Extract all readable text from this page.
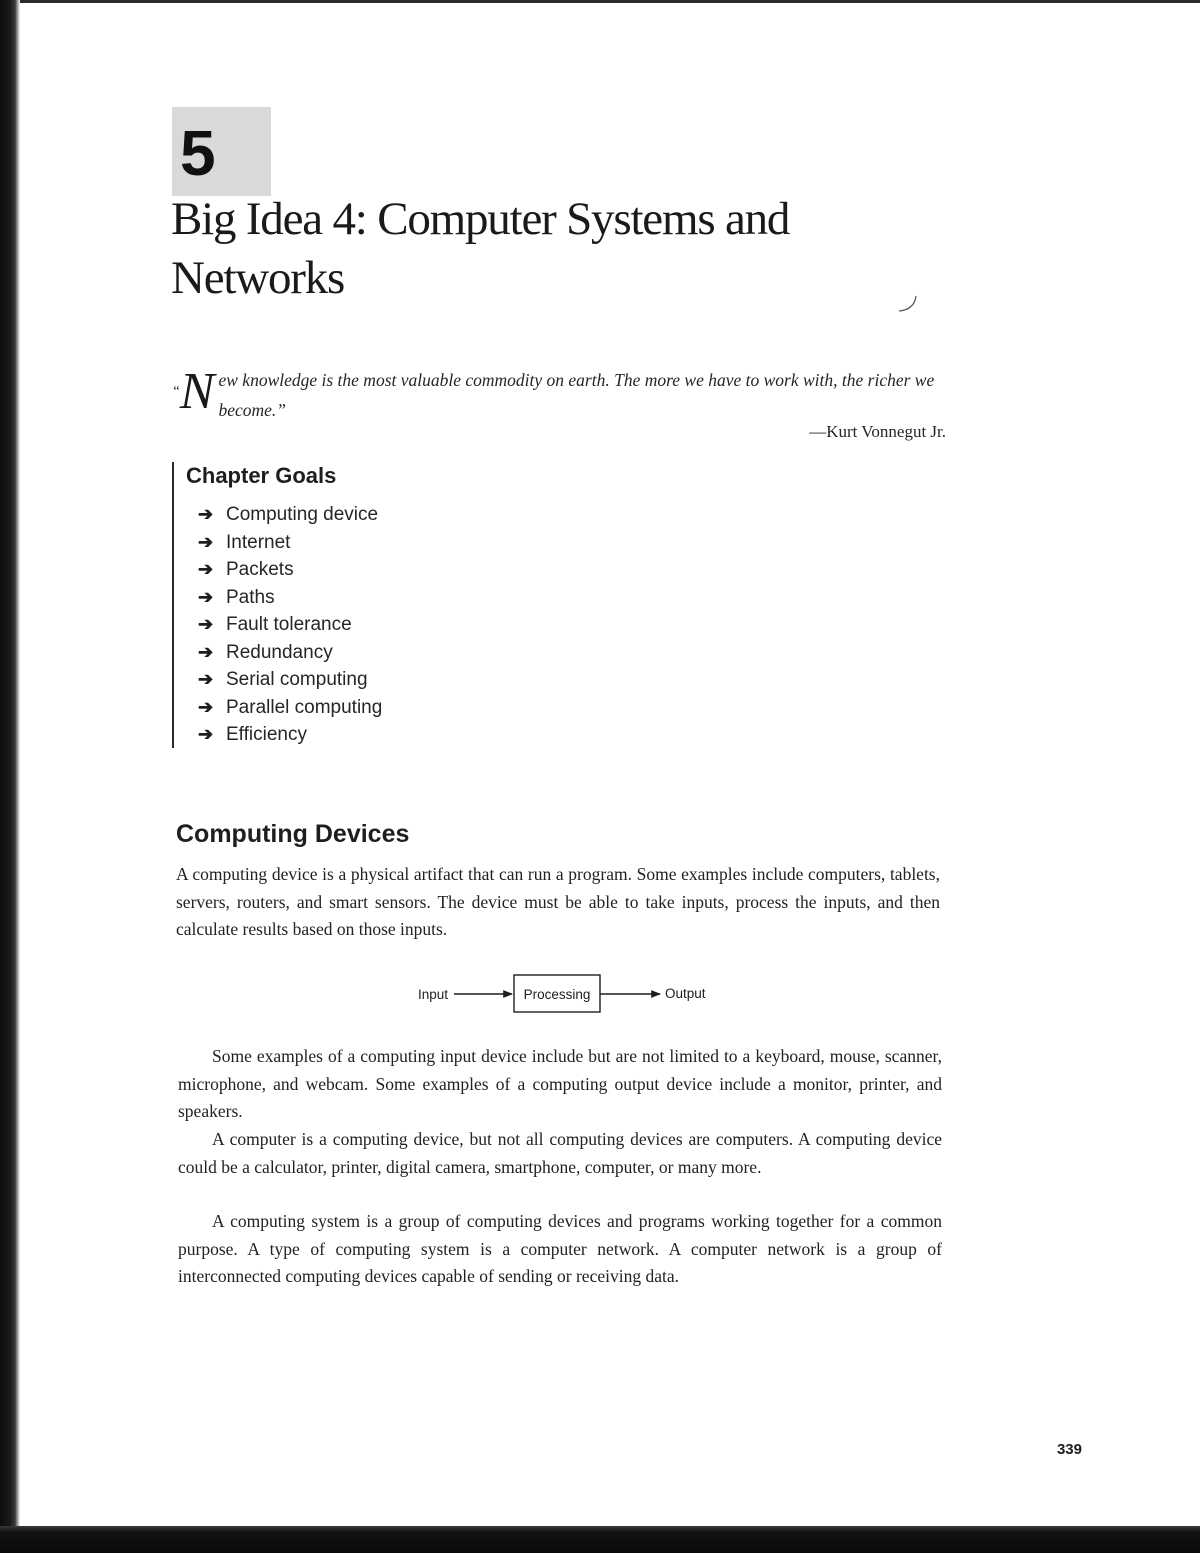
5
Big Idea 4: Computer Systems and Networks
“N ew knowledge is the most valuable commodity on earth. The more we have to work with, the richer we become.”
—Kurt Vonnegut Jr.
Chapter Goals
➔ Computing device
➔ Internet
➔ Packets
➔ Paths
➔ Fault tolerance
➔ Redundancy
➔ Serial computing
➔ Parallel computing
➔ Efficiency
Computing Devices

A computing device is a physical artifact that can run a program. Some examples include computers, tablets, servers, routers, and smart sensors. The device must be able to take inputs, process the inputs, and then calculate results based on those inputs.

Input	Processing	Output

Some examples of a computing input device include but are not limited to a keyboard, mouse, scanner, microphone, and webcam. Some examples of a computing output device include a monitor, printer, and speakers.

A computer is a computing device, but not all computing devices are computers. A computing device could be a calculator, printer, digital camera, smartphone, computer, or many more.

A computing system is a group of computing devices and programs working together for a common purpose. A type of computing system is a computer network. A computer network is a group of interconnected computing devices capable of sending or receiving data.

339
